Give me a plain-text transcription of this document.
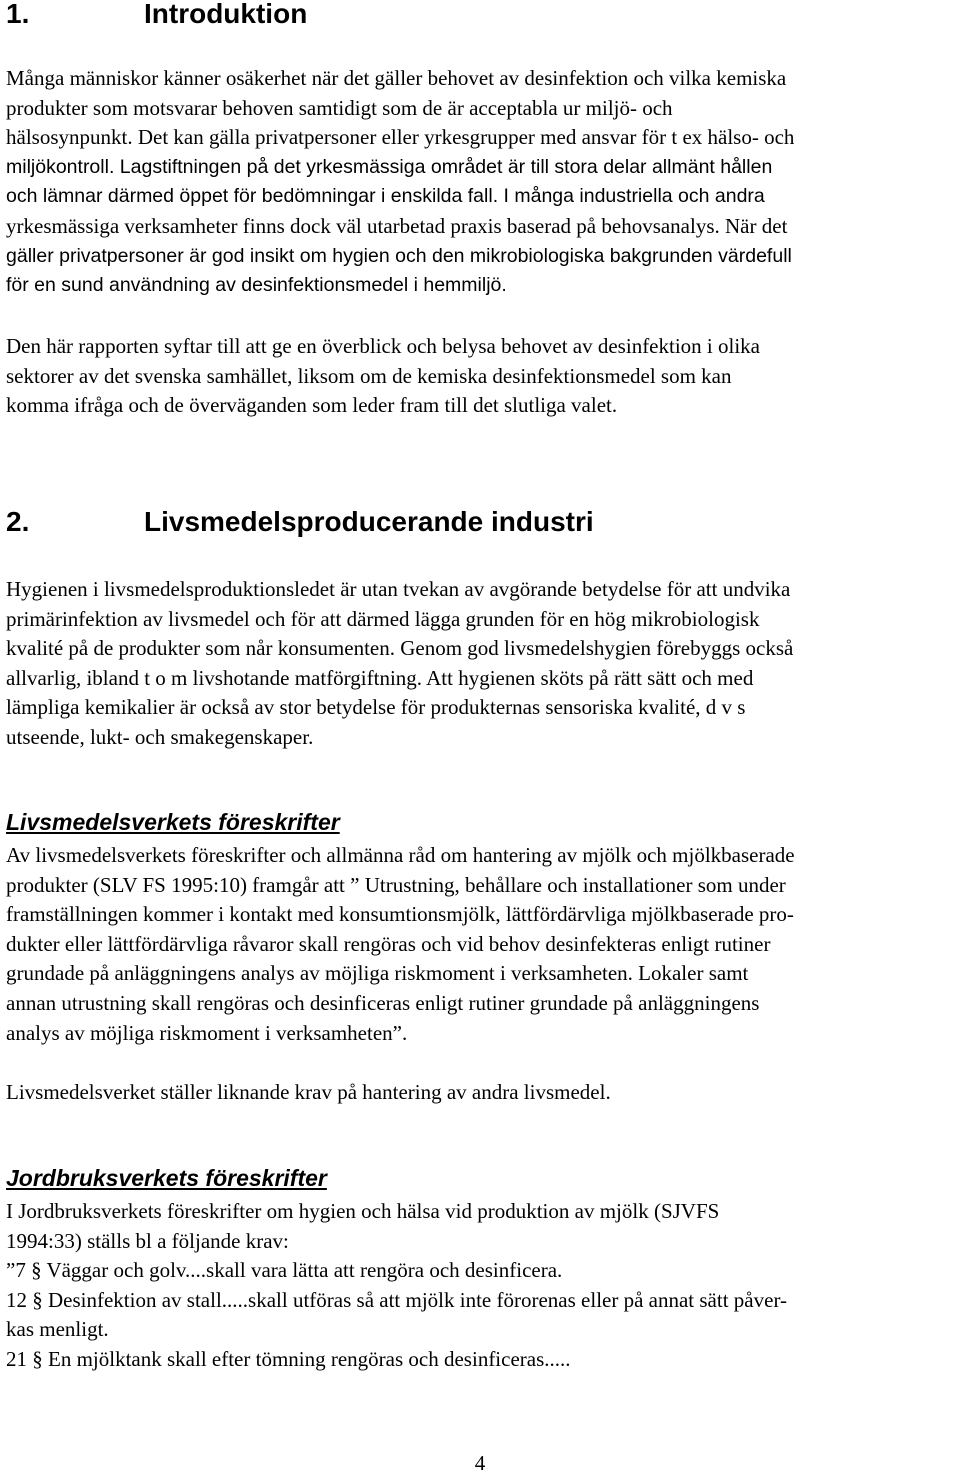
1.	Introduktion
Många människor känner osäkerhet när det gäller behovet av desinfektion och vilka kemiska
produkter som motsvarar behoven samtidigt som de är acceptabla ur miljö- och
hälsosynpunkt. Det kan gälla privatpersoner eller yrkesgrupper med ansvar för t ex hälso- och
miljökontroll. Lagstiftningen på det yrkesmässiga området är till stora delar allmänt hållen
och lämnar därmed öppet för bedömningar i enskilda fall. I många industriella och andra
yrkesmässiga verksamheter finns dock väl utarbetad praxis baserad på behovsanalys. När det
gäller privatpersoner är god insikt om hygien och den mikrobiologiska bakgrunden värdefull
för en sund användning av desinfektionsmedel i hemmiljö.
Den här rapporten syftar till att ge en överblick och belysa behovet av desinfektion i olika
sektorer av det svenska samhället, liksom om de kemiska desinfektionsmedel som kan
komma ifråga och de överväganden som leder fram till det slutliga valet.
2.	Livsmedelsproducerande industri
Hygienen i livsmedelsproduktionsledet är utan tvekan av avgörande betydelse för att undvika
primärinfektion av livsmedel och för att därmed lägga grunden för en hög mikrobiologisk
kvalité på de produkter som når konsumenten. Genom god livsmedelshygien förebyggs också
allvarlig, ibland t o m livshotande matförgiftning. Att hygienen sköts på rätt sätt och med
lämpliga kemikalier är också av stor betydelse för produkternas sensoriska kvalité, d v s
utseende, lukt- och smakegenskaper.
Livsmedelsverkets föreskrifter
Av livsmedelsverkets föreskrifter och allmänna råd om hantering av mjölk och mjölkbaserade
produkter (SLV FS 1995:10) framgår att ” Utrustning, behållare och installationer som under
framställningen kommer i kontakt med konsumtionsmjölk, lättfördärvliga mjölkbaserade pro-
dukter eller lättfördärvliga råvaror skall rengöras och vid behov desinfekteras enligt rutiner
grundade på anläggningens analys av möjliga riskmoment i verksamheten. Lokaler samt
annan utrustning skall rengöras och desinficeras enligt rutiner grundade på anläggningens
analys av möjliga riskmoment i verksamheten”.
Livsmedelsverket ställer liknande krav på hantering av andra livsmedel.
Jordbruksverkets föreskrifter
I Jordbruksverkets föreskrifter om hygien och hälsa vid produktion av mjölk (SJVFS
1994:33) ställs bl a följande krav:
”7 § Väggar och golv....skall vara lätta att rengöra och desinficera.
12 § Desinfektion av stall.....skall utföras så att mjölk inte förorenas eller på annat sätt påver-
kas menligt.
21 § En mjölktank skall efter tömning rengöras och desinficeras.....
4
